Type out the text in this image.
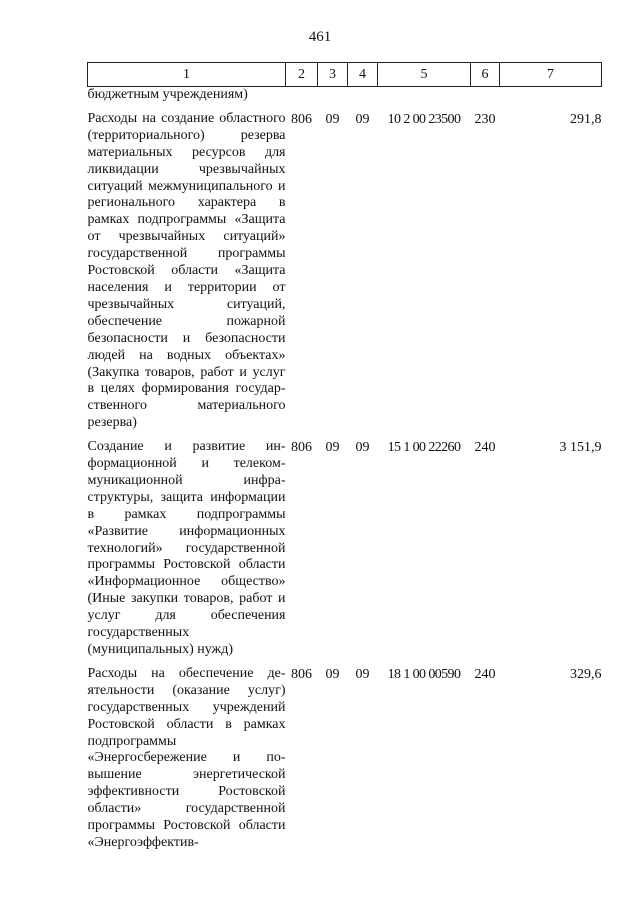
461
1	2	3	4	5	6	7
бюджетным учреждениям)						
Расходы на создание областного (территориального) резерва материальных ресурсов для ликвидации чрезвычайных ситуаций межмуниципального и регионального характера в рамках подпрограммы «Защита от чрезвычайных ситуаций» государственной программы Ростовской области «Защита населения и территории от чрезвычайных ситуаций, обеспечение пожарной безопасности и безопасности людей на водных объектах» (Закупка товаров, работ и услуг в целях формирования государственного материального резерва)	806	09	09	10 2 00 23500	230	291,8
Создание и развитие информационной и телекоммуникационной инфраструктуры, защита информации в рамках подпрограммы «Развитие информационных технологий» государственной программы Ростовской области «Информационное общество» (Иные закупки товаров, работ и услуг для обеспечения государственных (муниципальных) нужд)	806	09	09	15 1 00 22260	240	3 151,9
Расходы на обеспечение деятельности (оказание услуг) государственных учреждений Ростовской области в рамках подпрограммы «Энергосбережение и повышение энергетической эффективности Ростовской области» государственной программы Ростовской области «Энергоэффектив-	806	09	09	18 1 00 00590	240	329,6
